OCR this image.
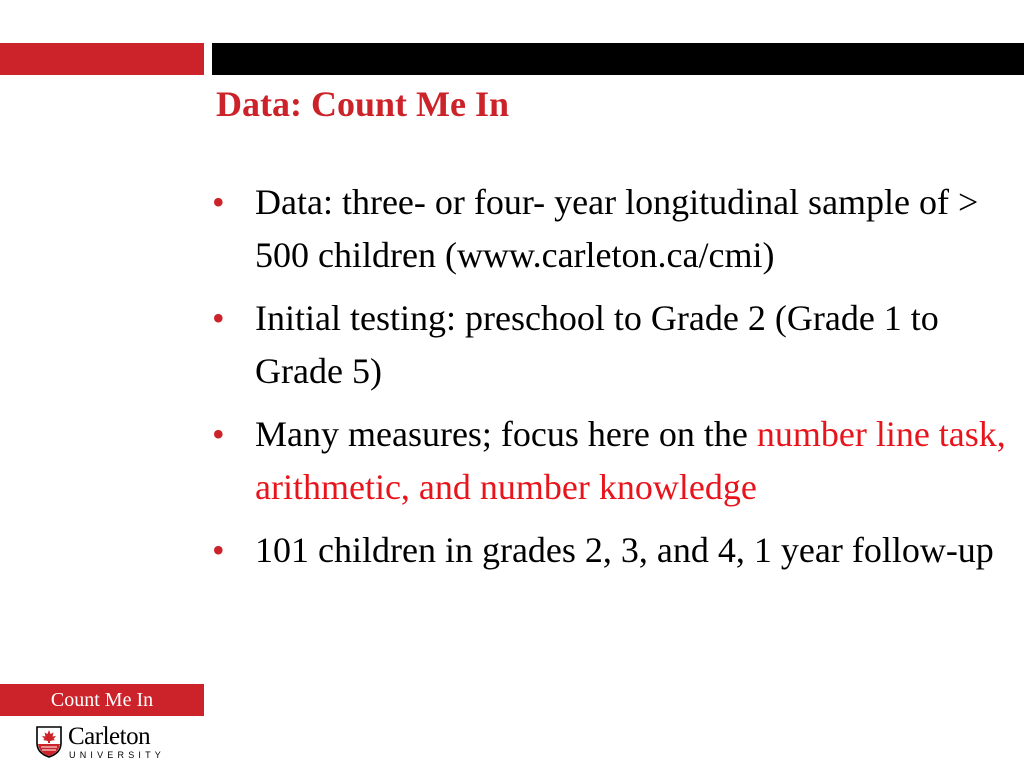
Data: Count Me In
• Data: three- or four- year longitudinal sample of > 500 children (www.carleton.ca/cmi)
• Initial testing: preschool to Grade 2 (Grade 1 to Grade 5)
• Many measures; focus here on the number line task, arithmetic, and number knowledge
• 101 children in grades 2, 3, and 4, 1 year follow-up
Count Me In
Carleton
UNIVERSITY
